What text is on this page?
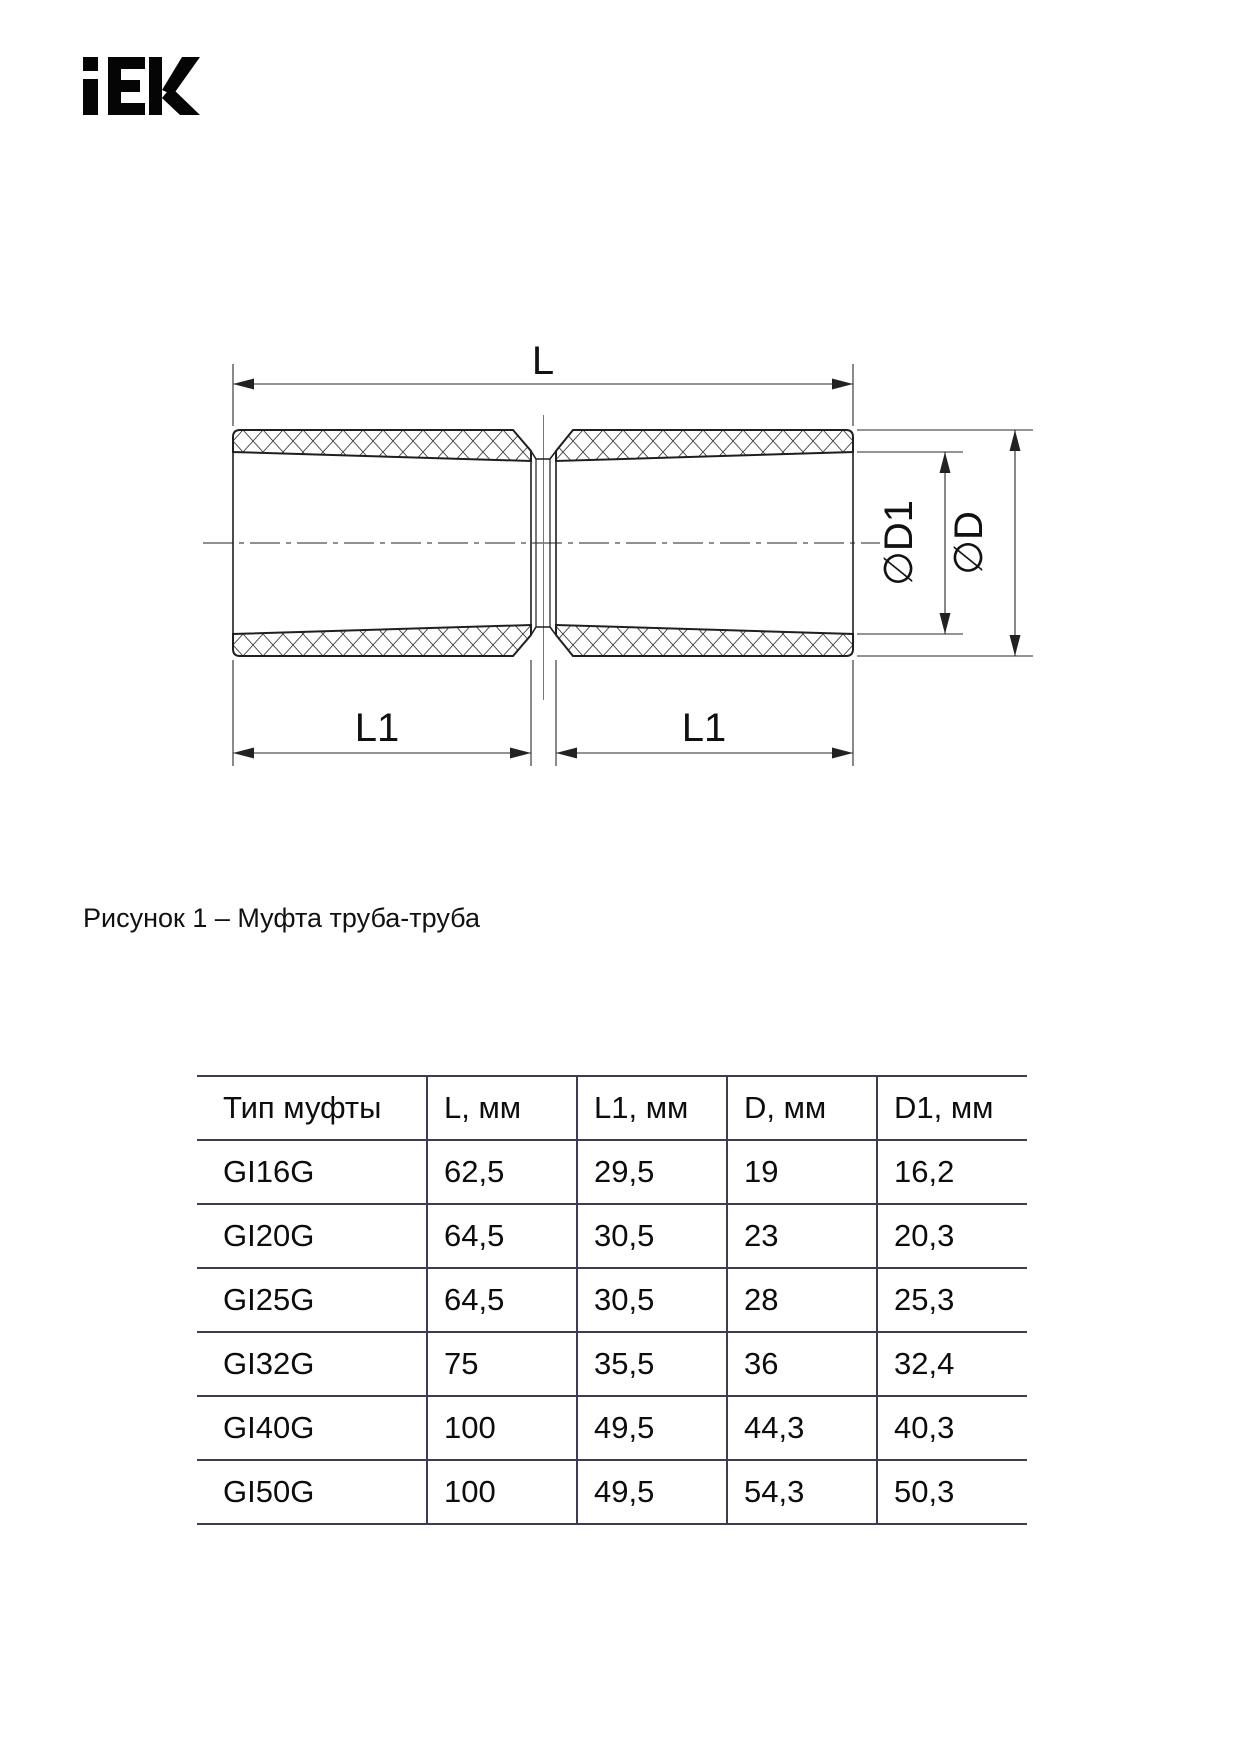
L
L1	L1
∅D1 ∅D
Рисунок 1 – Муфта труба-труба
Тип муфты	L, мм	L1, мм	D, мм	D1, мм
GI16G	62,5	29,5	19	16,2
GI20G	64,5	30,5	23	20,3
GI25G	64,5	30,5	28	25,3
GI32G	75	35,5	36	32,4
GI40G	100	49,5	44,3	40,3
GI50G	100	49,5	54,3	50,3
